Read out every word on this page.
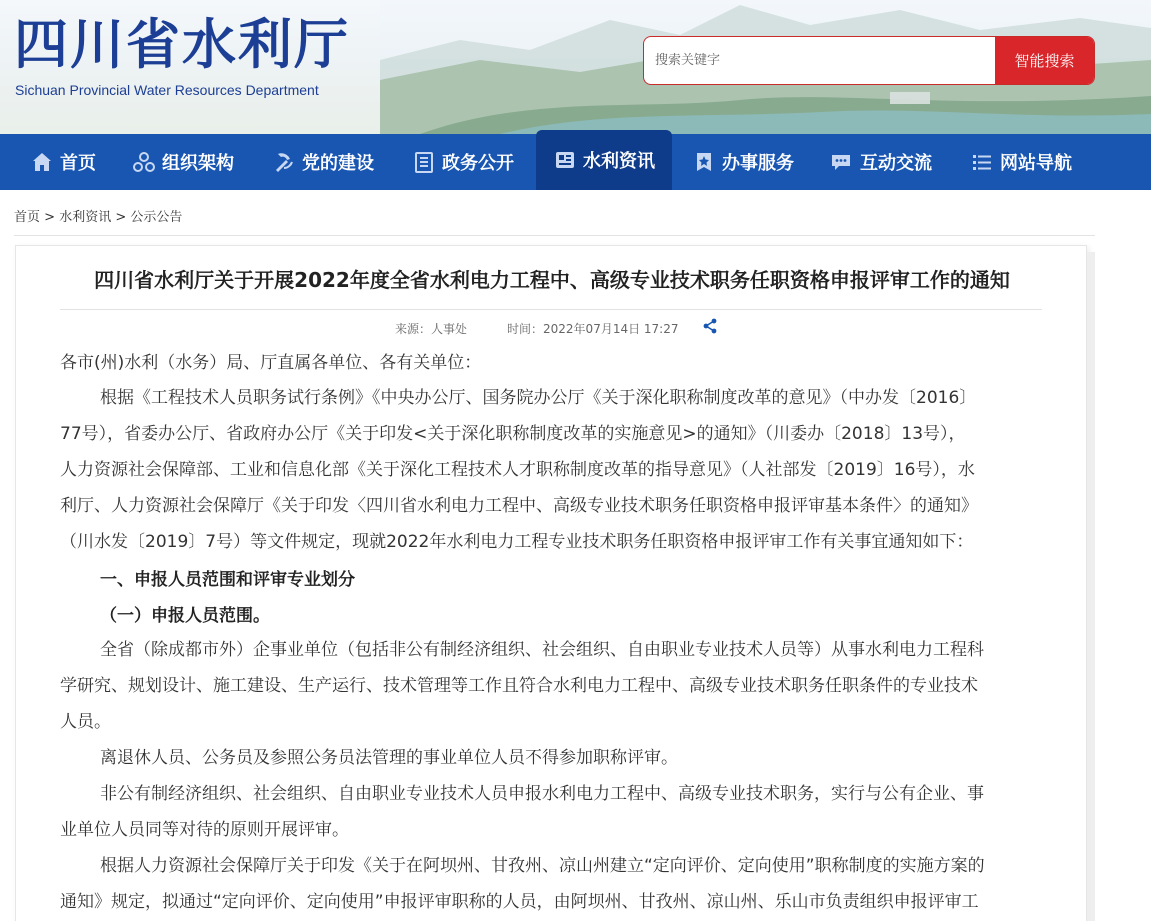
四川省水利厅
Sichuan Provincial Water Resources Department
搜索关键字
智能搜索
首页	组织架构	党的建设	政务公开	水利资讯	办事服务	互动交流	网站导航
首页 > 水利资讯 > 公示公告
四川省水利厅关于开展2022年度全省水利电力工程中、高级专业技术职务任职资格申报评审工作的通知
来源：人事处	时间：2022年07月14日 17:27
各市(州)水利（水务）局、厅直属各单位、各有关单位：
根据《工程技术人员职务试行条例》《中央办公厅、国务院办公厅《关于深化职称制度改革的意见》（中办发〔2016〕
77号），省委办公厅、省政府办公厅《关于印发<关于深化职称制度改革的实施意见>的通知》（川委办〔2018〕13号），
人力资源社会保障部、工业和信息化部《关于深化工程技术人才职称制度改革的指导意见》（人社部发〔2019〕16号），水
利厅、人力资源社会保障厅《关于印发〈四川省水利电力工程中、高级专业技术职务任职资格申报评审基本条件〉的通知》
（川水发〔2019〕7号）等文件规定，现就2022年水利电力工程专业技术职务任职资格申报评审工作有关事宜通知如下：
一、申报人员范围和评审专业划分
（一）申报人员范围。
全省（除成都市外）企事业单位（包括非公有制经济组织、社会组织、自由职业专业技术人员等）从事水利电力工程科
学研究、规划设计、施工建设、生产运行、技术管理等工作且符合水利电力工程中、高级专业技术职务任职条件的专业技术
人员。
离退休人员、公务员及参照公务员法管理的事业单位人员不得参加职称评审。
非公有制经济组织、社会组织、自由职业专业技术人员申报水利电力工程中、高级专业技术职务，实行与公有企业、事
业单位人员同等对待的原则开展评审。
根据人力资源社会保障厅关于印发《关于在阿坝州、甘孜州、凉山州建立“定向评价、定向使用”职称制度的实施方案的
通知》规定，拟通过“定向评价、定向使用”申报评审职称的人员，由阿坝州、甘孜州、凉山州、乐山市负责组织申报评审工
